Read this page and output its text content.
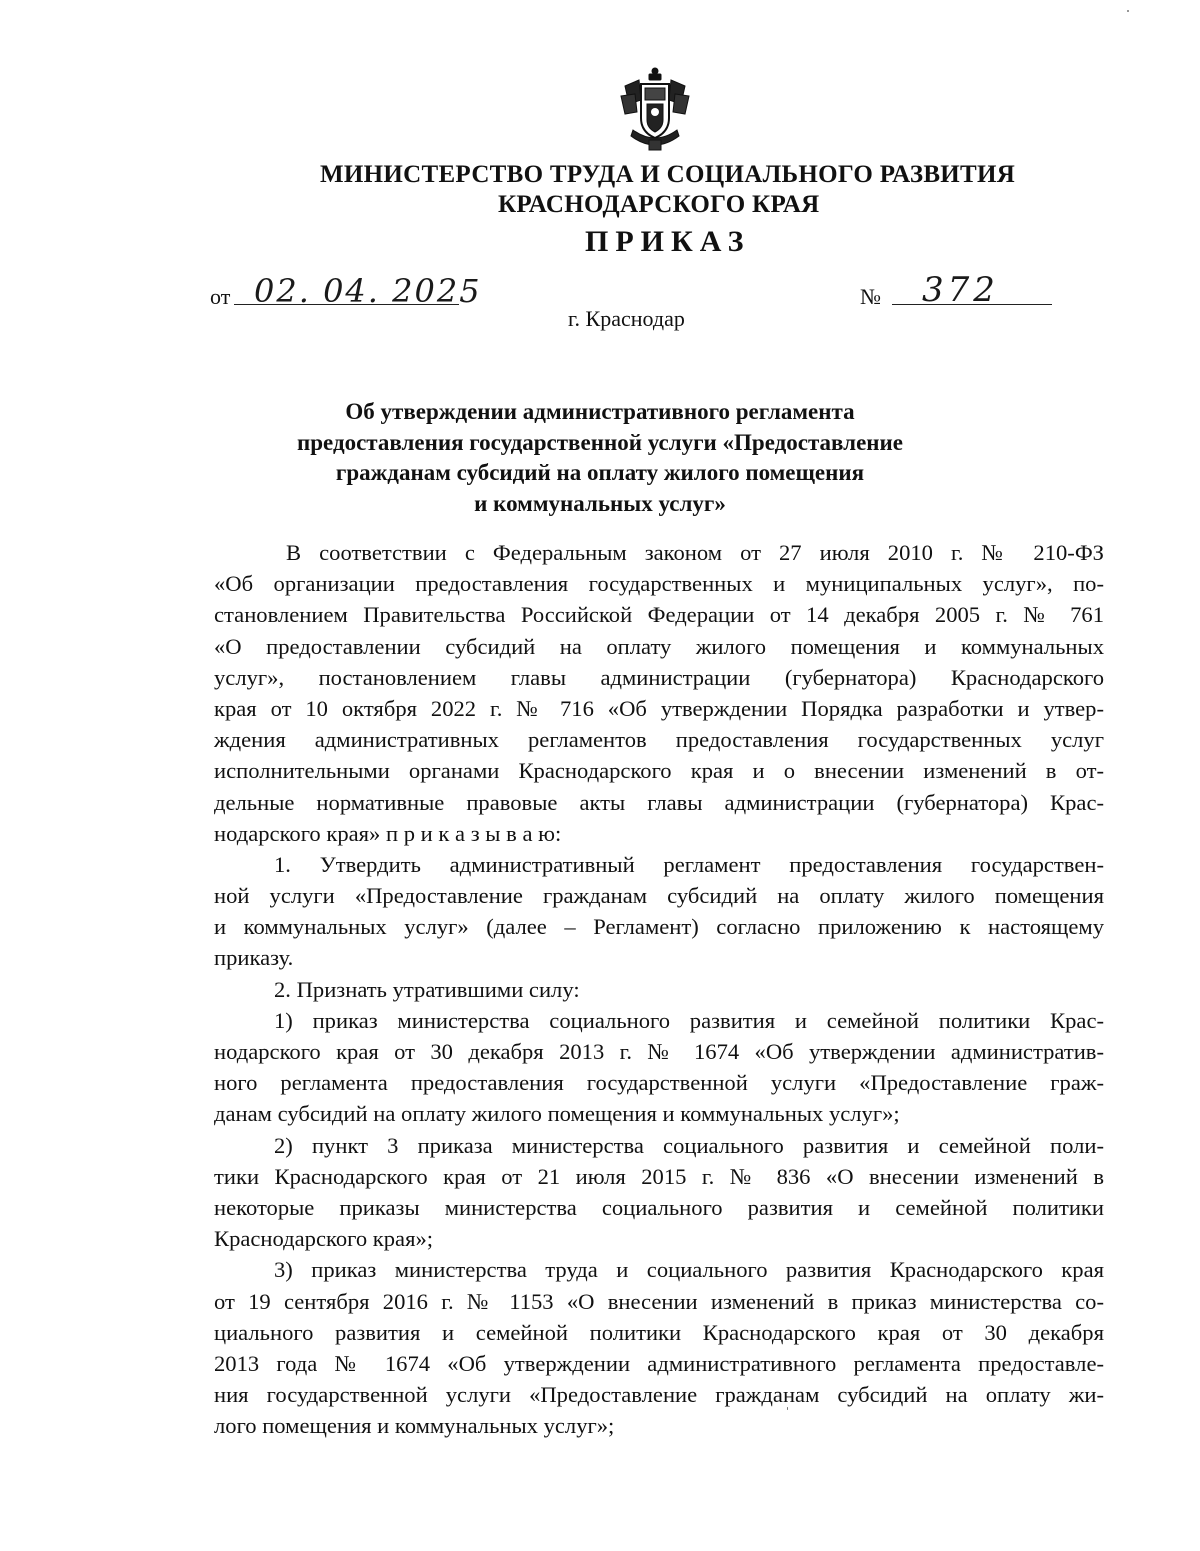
МИНИСТЕРСТВО ТРУДА И СОЦИАЛЬНОГО РАЗВИТИЯ
КРАСНОДАРСКОГО КРАЯ
ПРИКАЗ
от 02. 04. 2025	№ 372
г. Краснодар
Об утверждении административного регламента
предоставления государственной услуги «Предоставление
гражданам субсидий на оплату жилого помещения
и коммунальных услуг»
В соответствии с Федеральным законом от 27 июля 2010 г. № 210-ФЗ
«Об организации предоставления государственных и муниципальных услуг», по-
становлением Правительства Российской Федерации от 14 декабря 2005 г. № 761
«О предоставлении субсидий на оплату жилого помещения и коммунальных
услуг», постановлением главы администрации (губернатора) Краснодарского
края от 10 октября 2022 г. № 716 «Об утверждении Порядка разработки и утвер-
ждения административных регламентов предоставления государственных услуг
исполнительными органами Краснодарского края и о внесении изменений в от-
дельные нормативные правовые акты главы администрации (губернатора) Крас-
нодарского края» п р и к а з ы в а ю:
1. Утвердить административный регламент предоставления государствен-
ной услуги «Предоставление гражданам субсидий на оплату жилого помещения
и коммунальных услуг» (далее – Регламент) согласно приложению к настоящему
приказу.
2. Признать утратившими силу:
1) приказ министерства социального развития и семейной политики Крас-
нодарского края от 30 декабря 2013 г. № 1674 «Об утверждении административ-
ного регламента предоставления государственной услуги «Предоставление граж-
данам субсидий на оплату жилого помещения и коммунальных услуг»;
2) пункт 3 приказа министерства социального развития и семейной поли-
тики Краснодарского края от 21 июля 2015 г. № 836 «О внесении изменений в
некоторые приказы министерства социального развития и семейной политики
Краснодарского края»;
3) приказ министерства труда и социального развития Краснодарского края
от 19 сентября 2016 г. № 1153 «О внесении изменений в приказ министерства со-
циального развития и семейной политики Краснодарского края от 30 декабря
2013 года № 1674 «Об утверждении административного регламента предоставле-
ния государственной услуги «Предоставление гражданам субсидий на оплату жи-
лого помещения и коммунальных услуг»;
